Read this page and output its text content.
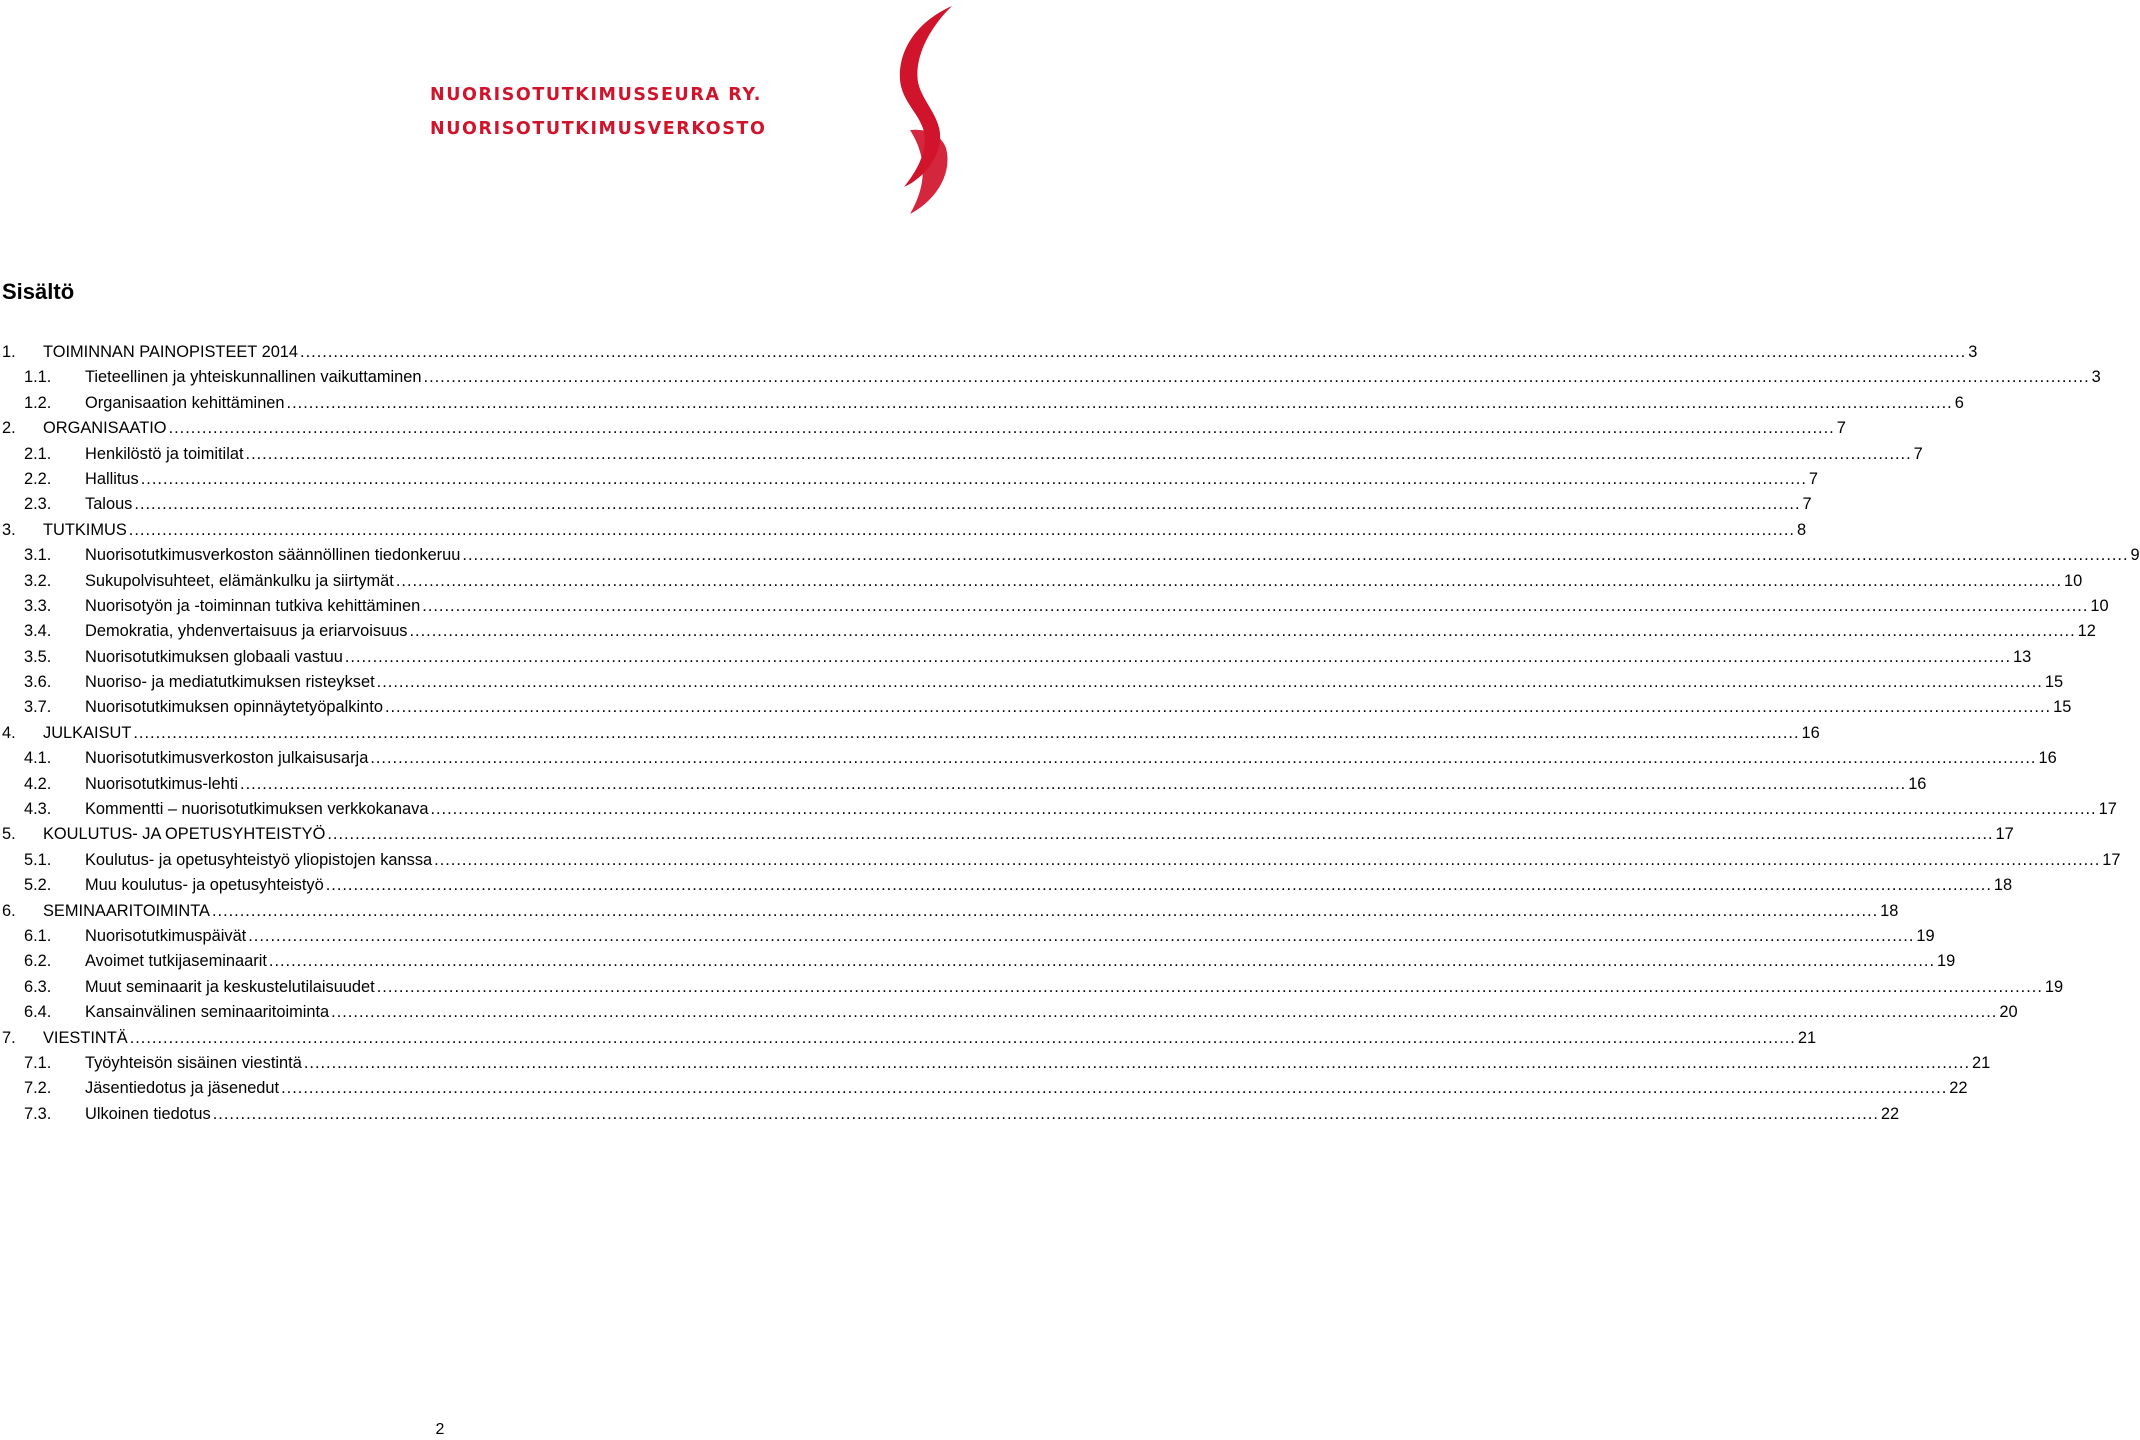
NUORISOTUTKIMUSSEURA RY.
NUORISOTUTKIMUSVERKOSTO
Sisältö
1. TOIMINNAN PAINOPISTEET 2014 ............................................................................................................................................................................................................................................................................................................ 3
1.1. Tieteellinen ja yhteiskunnallinen vaikuttaminen ............................................................................................................................................................................................................................................................................................................ 3
1.2. Organisaation kehittäminen ............................................................................................................................................................................................................................................................................................................ 6
2. ORGANISAATIO ............................................................................................................................................................................................................................................................................................................ 7
2.1. Henkilöstö ja toimitilat ............................................................................................................................................................................................................................................................................................................ 7
2.2. Hallitus ............................................................................................................................................................................................................................................................................................................ 7
2.3. Talous ............................................................................................................................................................................................................................................................................................................ 7
3. TUTKIMUS ............................................................................................................................................................................................................................................................................................................ 8
3.1. Nuorisotutkimusverkoston säännöllinen tiedonkeruu ............................................................................................................................................................................................................................................................................................................ 9
3.2. Sukupolvisuhteet, elämänkulku ja siirtymät ............................................................................................................................................................................................................................................................................................................ 10
3.3. Nuorisotyön ja -toiminnan tutkiva kehittäminen ............................................................................................................................................................................................................................................................................................................ 10
3.4. Demokratia, yhdenvertaisuus ja eriarvoisuus ............................................................................................................................................................................................................................................................................................................ 12
3.5. Nuorisotutkimuksen globaali vastuu ............................................................................................................................................................................................................................................................................................................ 13
3.6. Nuoriso- ja mediatutkimuksen risteykset ............................................................................................................................................................................................................................................................................................................ 15
3.7. Nuorisotutkimuksen opinnäytetyöpalkinto ............................................................................................................................................................................................................................................................................................................ 15
4. JULKAISUT ............................................................................................................................................................................................................................................................................................................ 16
4.1. Nuorisotutkimusverkoston julkaisusarja ............................................................................................................................................................................................................................................................................................................ 16
4.2. Nuorisotutkimus-lehti ............................................................................................................................................................................................................................................................................................................ 16
4.3. Kommentti – nuorisotutkimuksen verkkokanava ............................................................................................................................................................................................................................................................................................................ 17
5. KOULUTUS- JA OPETUSYHTEISTYÖ ............................................................................................................................................................................................................................................................................................................ 17
5.1. Koulutus- ja opetusyhteistyö yliopistojen kanssa ............................................................................................................................................................................................................................................................................................................ 17
5.2. Muu koulutus- ja opetusyhteistyö ............................................................................................................................................................................................................................................................................................................ 18
6. SEMINAARITOIMINTA ............................................................................................................................................................................................................................................................................................................ 18
6.1. Nuorisotutkimuspäivät ............................................................................................................................................................................................................................................................................................................ 19
6.2. Avoimet tutkijaseminaarit ............................................................................................................................................................................................................................................................................................................ 19
6.3. Muut seminaarit ja keskustelutilaisuudet ............................................................................................................................................................................................................................................................................................................ 19
6.4. Kansainvälinen seminaaritoiminta ............................................................................................................................................................................................................................................................................................................ 20
7. VIESTINTÄ ............................................................................................................................................................................................................................................................................................................ 21
7.1. Työyhteisön sisäinen viestintä ............................................................................................................................................................................................................................................................................................................ 21
7.2. Jäsentiedotus ja jäsenedut ............................................................................................................................................................................................................................................................................................................ 22
7.3. Ulkoinen tiedotus ............................................................................................................................................................................................................................................................................................................ 22
2
